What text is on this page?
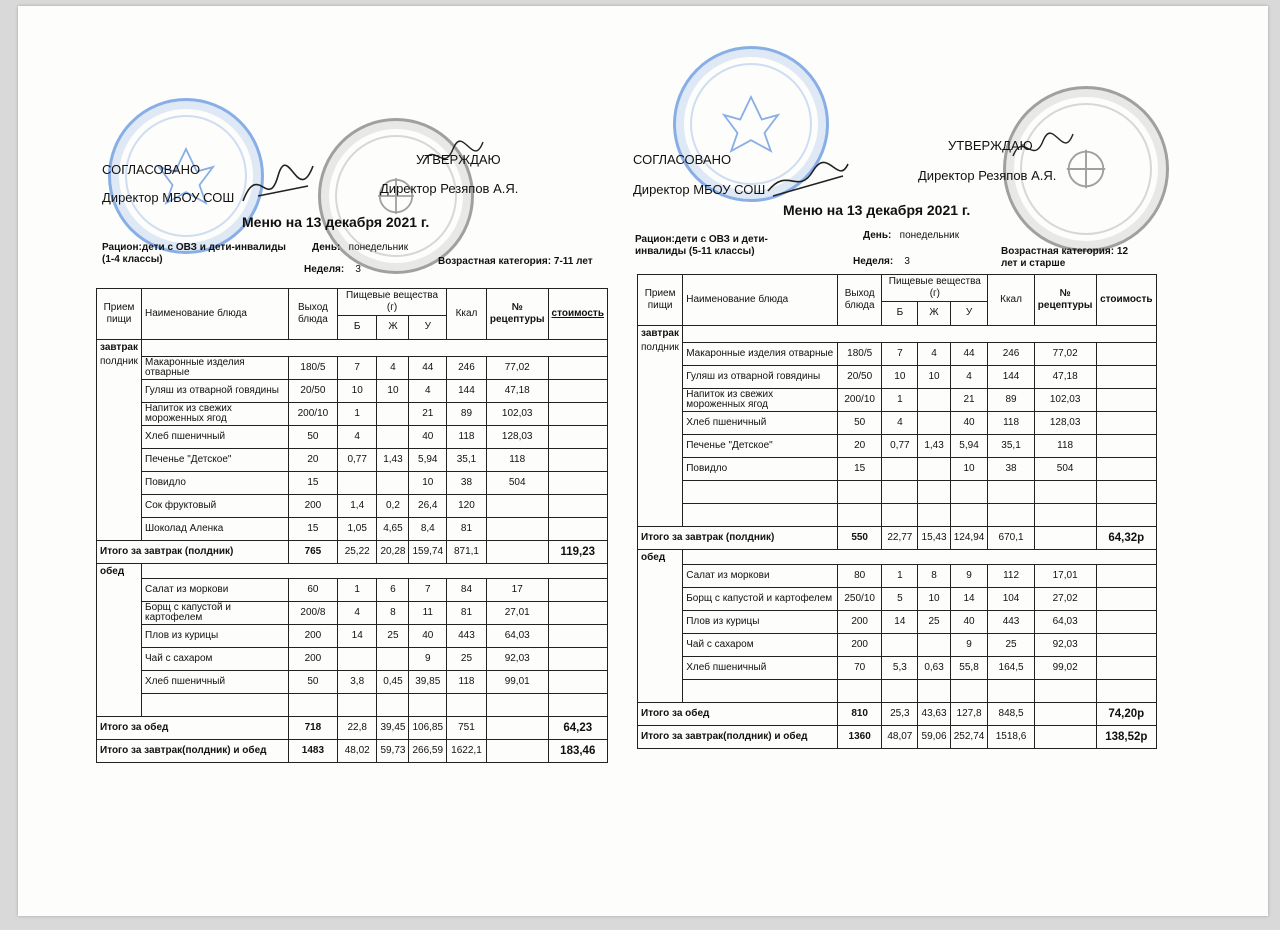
СОГЛАСОВАНО
Директор МБОУ СОШ
УТВЕРЖДАЮ
Директор Резяпов А.Я.
Меню на 13 декабря 2021 г.
Рацион:дети с ОВЗ и дети-инвалиды (1-4 классы)
День: понедельник
Неделя: 3
Возрастная категория: 7-11 лет
Прием пищи	Наименование блюда	Выход блюда	Пищевые вещества (г)			Ккал	№ рецептуры	стоимость
			Б	Ж	У			
завтрак								
полдник	Макаронные изделия отварные	180/5	7	4	44	246	77,02	
	Гуляш из отварной говядины	20/50	10	10	4	144	47,18	
	Напиток из свежих мороженных ягод	200/10	1		21	89	102,03	
	Хлеб пшеничный	50	4		40	118	128,03	
	Печенье "Детское"	20	0,77	1,43	5,94	35,1	118	
	Повидло	15			10	38	504	
	Сок фруктовый	200	1,4	0,2	26,4	120		
	Шоколад Аленка	15	1,05	4,65	8,4	81		
Итого за завтрак (полдник)		765	25,22	20,28	159,74	871,1		119,23
обед								
	Салат из моркови	60	1	6	7	84	17	
	Борщ с капустой и картофелем	200/8	4	8	11	81	27,01	
	Плов из курицы	200	14	25	40	443	64,03	
	Чай с сахаром	200			9	25	92,03	
	Хлеб пшеничный	50	3,8	0,45	39,85	118	99,01	

Итого за обед		718	22,8	39,45	106,85	751		64,23
Итого за завтрак(полдник) и обед		1483	48,02	59,73	266,59	1622,1		183,46
СОГЛАСОВАНО
Директор МБОУ СОШ
УТВЕРЖДАЮ
Директор Резяпов А.Я.
Меню на 13 декабря 2021 г.
Рацион:дети с ОВЗ и дети-инвалиды (5-11 классы)
День: понедельник
Неделя: 3
Возрастная категория: 12 лет и старше
Прием пищи	Наименование блюда	Выход блюда	Пищевые вещества (г)			Ккал	№ рецептуры	стоимость
			Б	Ж	У			
завтрак								
полдник	Макаронные изделия отварные	180/5	7	4	44	246	77,02	
	Гуляш из отварной говядины	20/50	10	10	4	144	47,18	
	Напиток из свежих мороженных ягод	200/10	1		21	89	102,03	
	Хлеб пшеничный	50	4		40	118	128,03	
	Печенье "Детское"	20	0,77	1,43	5,94	35,1	118	
	Повидло	15			10	38	504	

Итого за завтрак (полдник)		550	22,77	15,43	124,94	670,1		64,32р
обед								
	Салат из моркови	80	1	8	9	112	17,01	
	Борщ с капустой и картофелем	250/10	5	10	14	104	27,02	
	Плов из курицы	200	14	25	40	443	64,03	
	Чай с сахаром	200			9	25	92,03	
	Хлеб пшеничный	70	5,3	0,63	55,8	164,5	99,02	

Итого за обед		810	25,3	43,63	127,8	848,5		74,20р
Итого за завтрак(полдник) и обед		1360	48,07	59,06	252,74	1518,6		138,52р
